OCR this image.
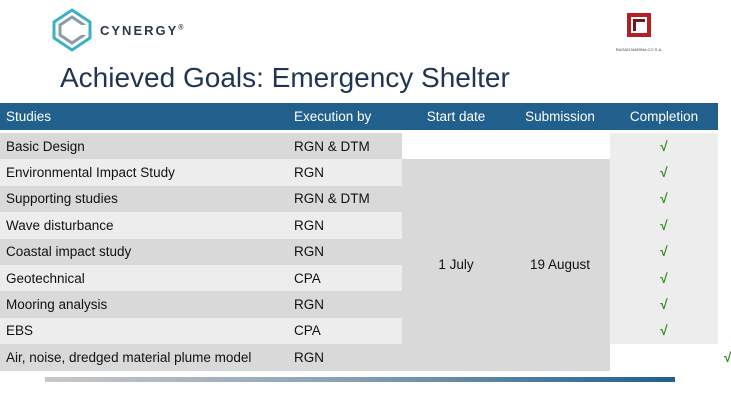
CYNERGY®
RAGAN MARINA CO S.A.
Achieved Goals: Emergency Shelter
Studies	Execution by	Start date	Submission	Completion	
Basic Design	RGN & DTM			√	
Environmental Impact Study	RGN	1 July	19 August	√	
Supporting studies	RGN & DTM			√	
Wave disturbance	RGN			√	
Coastal impact study	RGN			√	
Geotechnical	CPA			√	
Mooring analysis	RGN			√	
EBS	CPA			√	
Air, noise, dredged material plume model	RGN				√
